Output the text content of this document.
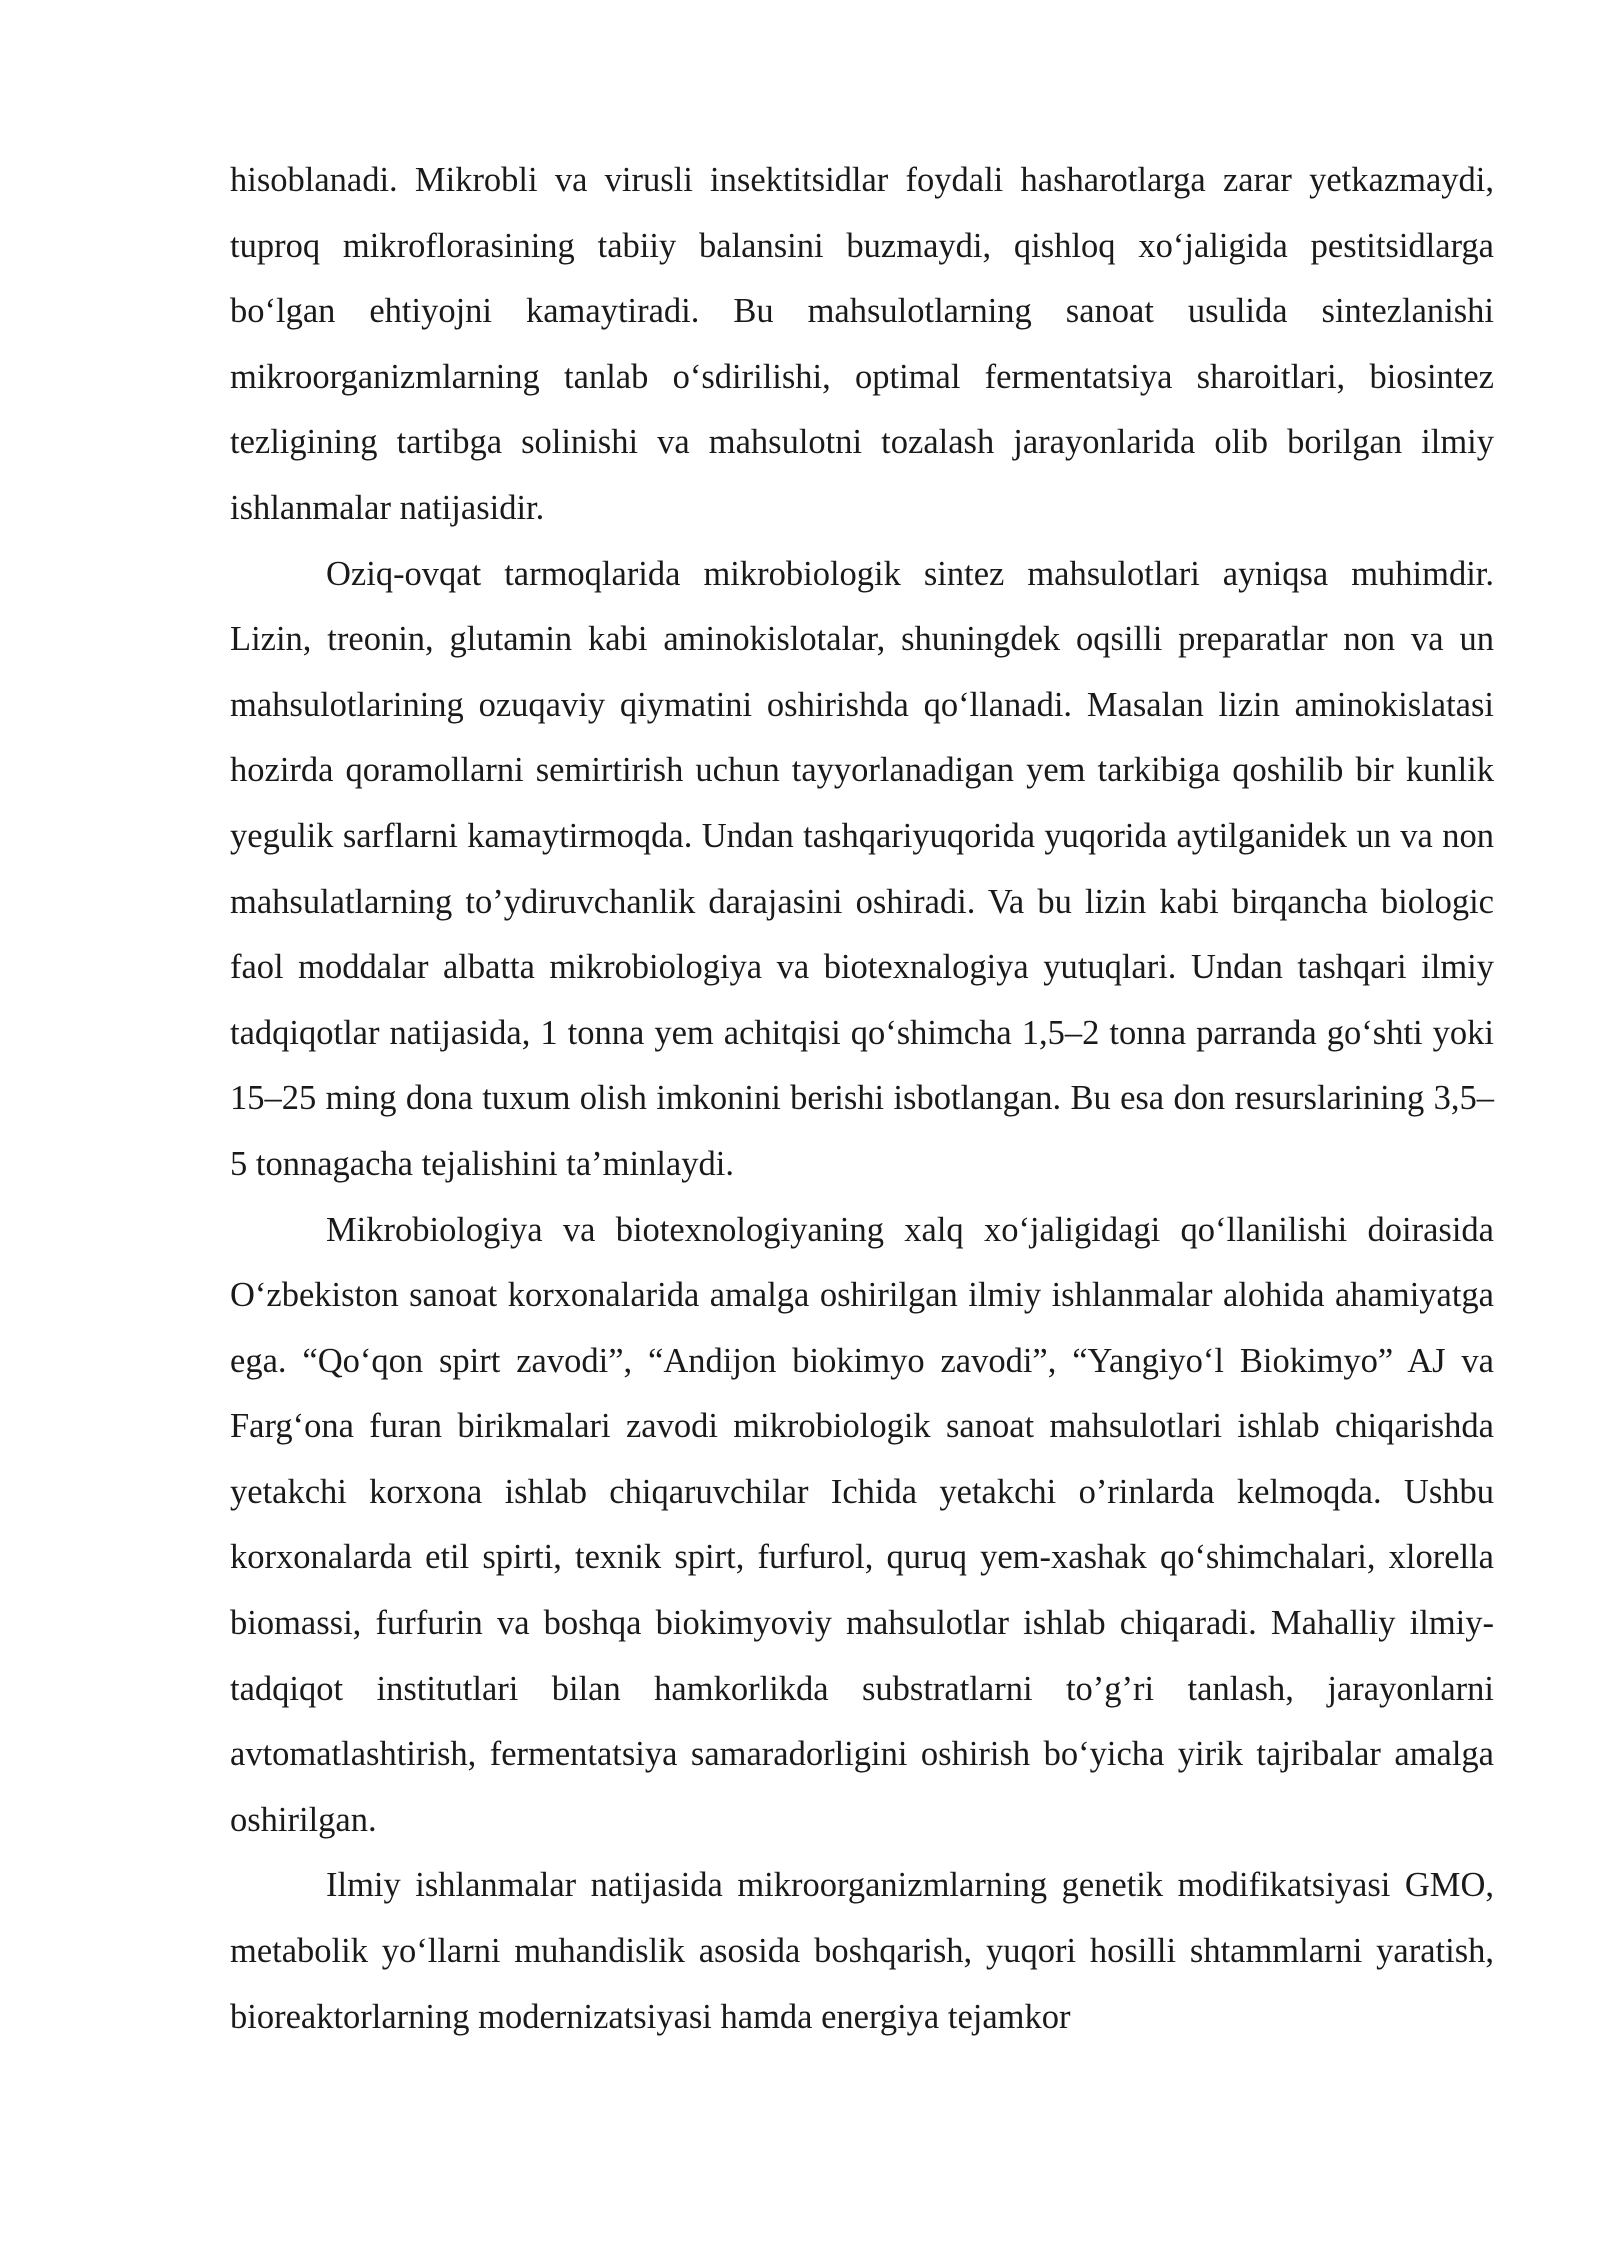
hisoblanadi. Mikrobli va virusli insektitsidlar foydali hasharotlarga zarar yetkazmaydi, tuproq mikroflorasining tabiiy balansini buzmaydi, qishloq xo‘jaligida pestitsidlarga bo‘lgan ehtiyojni kamaytiradi. Bu mahsulotlarning sanoat usulida sintezlanishi mikroorganizmlarning tanlab o‘sdirilishi, optimal fermentatsiya sharoitlari, biosintez tezligining tartibga solinishi va mahsulotni tozalash jarayonlarida olib borilgan ilmiy ishlanmalar natijasidir.

Oziq-ovqat tarmoqlarida mikrobiologik sintez mahsulotlari ayniqsa muhimdir. Lizin, treonin, glutamin kabi aminokislotalar, shuningdek oqsilli preparatlar non va un mahsulotlarining ozuqaviy qiymatini oshirishda qo‘llanadi. Masalan lizin aminokislatasi hozirda qoramollarni semirtirish uchun tayyorlanadigan yem tarkibiga qoshilib bir kunlik yegulik sarflarni kamaytirmoqda. Undan tashqariyuqorida yuqorida aytilganidek un va non mahsulatlarning to’ydiruvchanlik darajasini oshiradi. Va bu lizin kabi birqancha biologic faol moddalar albatta mikrobiologiya va biotexnalogiya yutuqlari. Undan tashqari ilmiy tadqiqotlar natijasida, 1 tonna yem achitqisi qo‘shimcha 1,5–2 tonna parranda go‘shti yoki 15–25 ming dona tuxum olish imkonini berishi isbotlangan. Bu esa don resurslarining 3,5–5 tonnagacha tejalishini ta’minlaydi.

Mikrobiologiya va biotexnologiyaning xalq xo‘jaligidagi qo‘llanilishi doirasida O‘zbekiston sanoat korxonalarida amalga oshirilgan ilmiy ishlanmalar alohida ahamiyatga ega. “Qo‘qon spirt zavodi”, “Andijon biokimyo zavodi”, “Yangiyo‘l Biokimyo” AJ va Farg‘ona furan birikmalari zavodi mikrobiologik sanoat mahsulotlari ishlab chiqarishda yetakchi korxona ishlab chiqaruvchilar Ichida yetakchi o’rinlarda kelmoqda. Ushbu korxonalarda etil spirti, texnik spirt, furfurol, quruq yem-xashak qo‘shimchalari, xlorella biomassi, furfurin va boshqa biokimyoviy mahsulotlar ishlab chiqaradi. Mahalliy ilmiy-tadqiqot institutlari bilan hamkorlikda substratlarni to’g’ri tanlash, jarayonlarni avtomatlashtirish, fermentatsiya samaradorligini oshirish bo‘yicha yirik tajribalar amalga oshirilgan.

Ilmiy ishlanmalar natijasida mikroorganizmlarning genetik modifikatsiyasi GMO, metabolik yo‘llarni muhandislik asosida boshqarish, yuqori hosilli shtammlarni yaratish, bioreaktorlarning modernizatsiyasi hamda energiya tejamkor
